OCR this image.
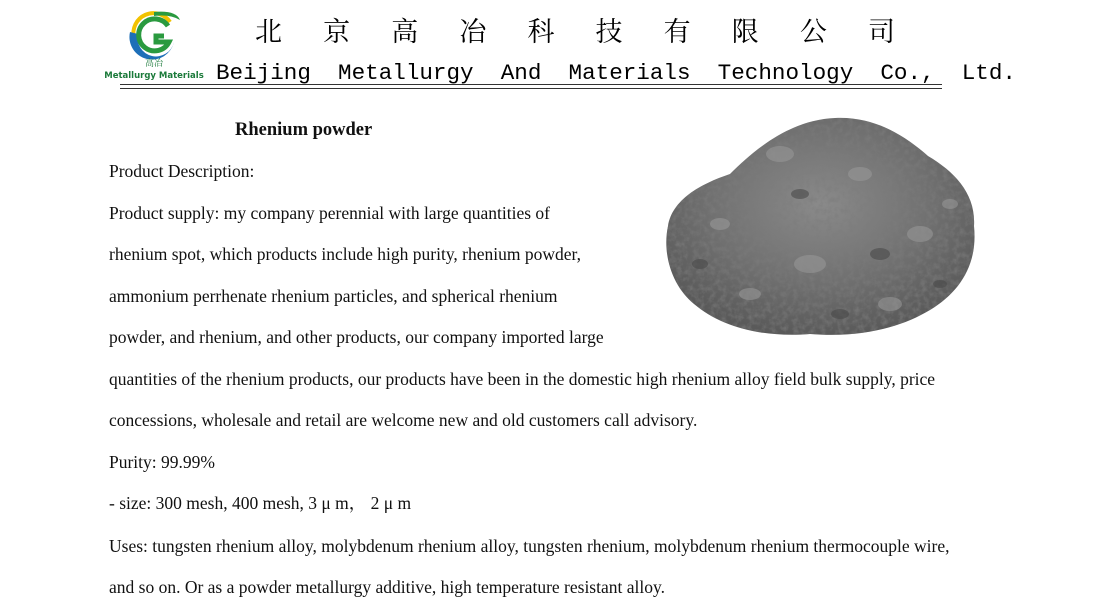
高冶
Metallurgy Materials
北 京 高 冶 科 技 有 限 公 司
Beijing  Metallurgy  And  Materials  Technology  Co.,  Ltd.
Rhenium powder
Product Description:
Product supply: my company perennial with large quantities of
rhenium spot, which products include high purity, rhenium powder,
ammonium perrhenate rhenium particles, and spherical rhenium
powder, and rhenium, and other products, our company imported large
quantities of the rhenium products, our products have been in the domestic high rhenium alloy field bulk supply, price
concessions, wholesale and retail are welcome new and old customers call advisory.
Purity: 99.99%
- size: 300 mesh, 400 mesh, 3 μ m， 2 μ m
Uses: tungsten rhenium alloy, molybdenum rhenium alloy, tungsten rhenium, molybdenum rhenium thermocouple wire,
and so on. Or as a powder metallurgy additive, high temperature resistant alloy.
